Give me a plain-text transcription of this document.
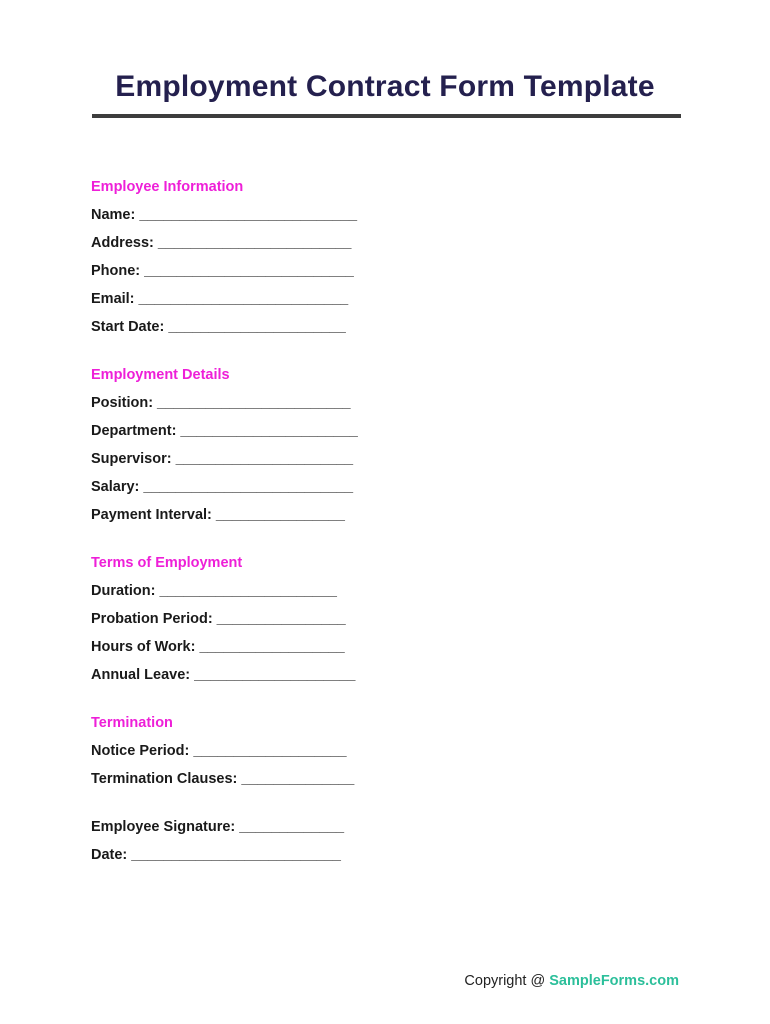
Employment Contract Form Template
Employee Information
Name: ___________________________
Address: ________________________
Phone: __________________________
Email: __________________________
Start Date: ______________________
Employment Details
Position: ________________________
Department: ______________________
Supervisor: ______________________
Salary: __________________________
Payment Interval: ________________
Terms of Employment
Duration: ______________________
Probation Period: ________________
Hours of Work: __________________
Annual Leave: ____________________
Termination
Notice Period: ___________________
Termination Clauses: ______________
Employee Signature: _____________
Date: __________________________
Copyright @ SampleForms.com
